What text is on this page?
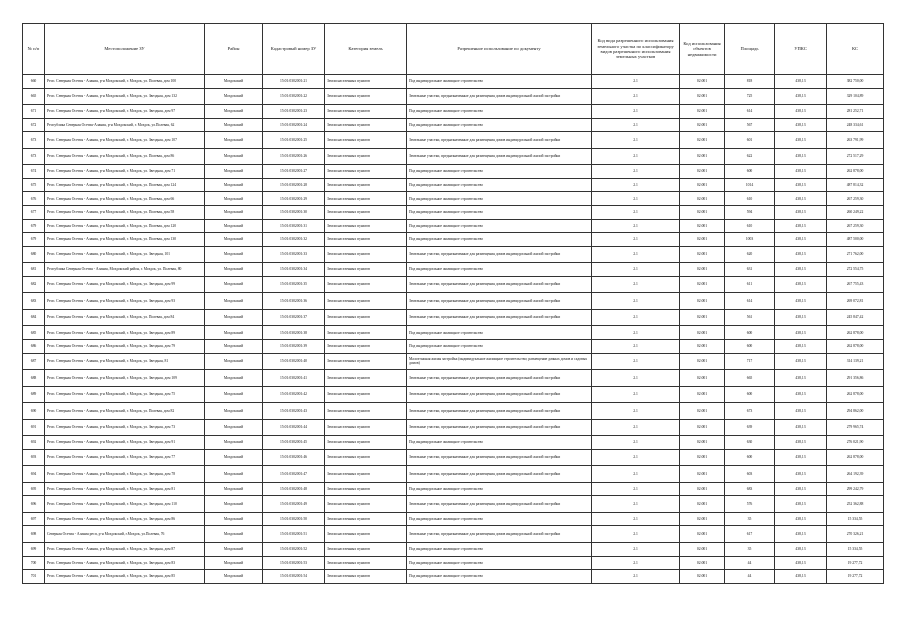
№ п/п	Местоположение ЗУ	Район	Кадастровый номер ЗУ	Категория земель	Разрешенное использование по документу	Код вида разрешенного использования земельного участка по классификатору видов разрешенного использования земельных участков	Код использования объектов недвижимости	Площадь	УПКС	КС
660	Респ. Северная Осетия - Алания, р-н Моздокский, г. Моздок, ул. Полевая, дом 100	Моздокский	15:01:0302001:21	Земли населенных пунктов	Под индивидуальное жилищное строительство	2.1	02:001	818	438,13	382 750,00
665	Респ. Северная Осетия - Алания, р-н Моздокский, г. Моздок, ул. Звездная, дом 132	Моздокский	15:01:0302001:22	Земли населенных пунктов	Земельные участки, предназначенные для размещения домов индивидуальной жилой застройки	2.1	02:001	725	438,13	329 104,89
671	Респ. Северная Осетия - Алания, р-н Моздокский, г. Моздок, ул. Звездная, дом 97	Моздокский	15:01:0302001:23	Земли населенных пунктов	Под индивидуальное жилищное строительство	2.1	02:001	614	438,13	281 252,71
672	Республика Северная Осетия-Алания, р-н Моздокский, г. Моздок, ул.Полевая, 62	Моздокский	15:01:0302001:24	Земли населенных пунктов	Под индивидуальное жилищное строительство	2.1	02:001	567	438,13	248 334,61
673	Респ. Северная Осетия - Алания, р-н Моздокский, г. Моздок, ул. Звездная, дом 107	Моздокский	15:01:0302001:25	Земли населенных пунктов	Земельные участки, предназначенные для размещения домов индивидуальной жилой застройки	2.1	02:001	601	438,13	263 791,99
673	Респ. Северная Осетия - Алания, р-н Моздокский, г. Моздок, ул. Полевая, дом 86	Моздокский	15:01:0302001:26	Земли населенных пунктов	Земельные участки, предназначенные для размещения домов индивидуальной жилой застройки	2.1	02:001	622	438,13	272 517,29
674	Респ. Северная Осетия - Алания, р-н Моздокский, г. Моздок, ул. Звездная, дом 71	Моздокский	15:01:0302001:27	Земли населенных пунктов	Под индивидуальное жилищное строительство	2.1	02:001	600	438,13	262 878,00
675	Респ. Северная Осетия - Алания, р-н Моздокский, г. Моздок, ул. Полевая, дом 124	Моздокский	15:01:0302001:28	Земли населенных пунктов	Под индивидуальное жилищное строительство	2.1	02:001	1014	438,13	487 814,32
676	Респ. Северная Осетия - Алания, р-н Моздокский, г. Моздок, ул. Полевая, дом 66	Моздокский	15:01:0302001:29	Земли населенных пунктов	Под индивидуальное жилищное строительство	2.1	02:001	610	438,13	267 259,30
677	Респ. Северная Осетия - Алания, р-н Моздокский, г. Моздок, ул. Полевая, дом 58	Моздокский	15:01:0302001:30	Земли населенных пунктов	Под индивидуальное жилищное строительство	2.1	02:001	594	438,13	260 249,22
679	Респ. Северная Осетия - Алания, р-н Моздокский, г. Моздок, ул. Полевая, дом 120	Моздокский	15:01:0302001:31	Земли населенных пунктов	Под индивидуальное жилищное строительство	2.1	02:001	610	438,13	267 259,30
679	Респ. Северная Осетия - Алания, р-н Моздокский, г. Моздок, ул. Полевая, дом 130	Моздокский	15:01:0302001:32	Земли населенных пунктов	Под индивидуальное жилищное строительство	2.1	02:001	1003	438,13	487 500,00
680	Респ. Северная Осетия - Алания, р-н Моздокский, г. Моздок, ул. Звездная, 101	Моздокский	15:01:0302001:33	Земли населенных пунктов	Земельные участки, предназначенные для размещения домов индивидуальной жилой застройки	2.1	02:001	620	438,13	271 762,00
681	Республика Северная Осетия - Алания, Моздокский район, г. Моздок, ул. Полевая, 80	Моздокский	15:01:0302001:34	Земли населенных пунктов	Под индивидуальное жилищное строительство	2.1	02:001	631	438,13	272 554,75
682	Респ. Северная Осетия - Алания, р-н Моздокский, г. Моздок, ул. Звездная, дом 99	Моздокский	15:01:0302001:35	Земли населенных пунктов	Земельные участки, предназначенные для размещения домов индивидуальной жилой застройки	2.1	02:001	611	438,13	267 755,43
683	Респ. Северная Осетия - Алания, р-н Моздокский, г. Моздок, ул. Звездная, дом 93	Моздокский	15:01:0302001:36	Земли населенных пунктов	Земельные участки, предназначенные для размещения домов индивидуальной жилой застройки	2.1	02:001	614	438,13	269 072,81
684	Респ. Северная Осетия - Алания, р-н Моздокский, г. Моздок, ул. Полевая, дом 84	Моздокский	15:01:0302001:37	Земли населенных пунктов	Земельные участки, предназначенные для размещения домов индивидуальной жилой застройки	2.1	02:001	561	438,13	245 847,42
685	Респ. Северная Осетия - Алания, р-н Моздокский, г. Моздок, ул. Звездная, дом 89	Моздокский	15:01:0302001:38	Земли населенных пунктов	Под индивидуальное жилищное строительство	2.1	02:001	600	438,13	262 878,00
686	Респ. Северная Осетия - Алания, р-н Моздокский, г. Моздок, ул. Звездная, дом 79	Моздокский	15:01:0302001:39	Земли населенных пунктов	Под индивидуальное жилищное строительство	2.1	02:001	600	438,13	262 878,00
687	Респ. Северная Осетия - Алания, р-н Моздокский, г. Моздок, ул. Звездная, 81	Моздокский	15:01:0302001:40	Земли населенных пунктов	Малоэтажная жилая застройка (индивидуальное жилищное строительство; размещение дачных домов и садовых домов)	2.1	02:001	717	438,13	314 139,21
688	Респ. Северная Осетия - Алания, р-н Моздокский, г. Моздок, ул. Звездная, дом 109	Моздокский	15:01:0302001:41	Земли населенных пунктов	Земельные участки, предназначенные для размещения домов индивидуальной жилой застройки	2.1	02:001	665	438,13	291 356,86
689	Респ. Северная Осетия - Алания, р-н Моздокский, г. Моздок, ул. Звездная, дом 75	Моздокский	15:01:0302001:42	Земли населенных пунктов	Земельные участки, предназначенные для размещения домов индивидуальной жилой застройки	2.1	02:001	600	438,13	262 878,00
690	Респ. Северная Осетия - Алания, р-н Моздокский, г. Моздок, ул. Полевая, дом 82	Моздокский	15:01:0302001:43	Земли населенных пунктов	Земельные участки, предназначенные для размещения домов индивидуальной жилой застройки	2.1	02:001	673	438,13	294 862,00
691	Респ. Северная Осетия - Алания, р-н Моздокский, г. Моздок, ул. Звездная, дом 73	Моздокский	15:01:0302001:44	Земли населенных пунктов	Земельные участки, предназначенные для размещения домов индивидуальной жилой застройки	2.1	02:001	639	438,13	279 965,74
692	Респ. Северная Осетия - Алания, р-н Моздокский, г. Моздок, ул. Звездная, дом 91	Моздокский	15:01:0302001:45	Земли населенных пунктов	Под индивидуальное жилищное строительство	2.1	02:001	630	438,13	276 021,90
693	Респ. Северная Осетия - Алания, р-н Моздокский, г. Моздок, ул. Звездная, дом 77	Моздокский	15:01:0302001:46	Земли населенных пунктов	Земельные участки, предназначенные для размещения домов индивидуальной жилой застройки	2.1	02:001	600	438,13	262 878,00
694	Респ. Северная Осетия - Алания, р-н Моздокский, г. Моздок, ул. Звездная, дом 78	Моздокский	15:01:0302001:47	Земли населенных пунктов	Земельные участки, предназначенные для размещения домов индивидуальной жилой застройки	2.1	02:001	603	438,13	264 192,39
695	Респ. Северная Осетия - Алания, р-н Моздокский, г. Моздок, ул. Звездная, дом 81	Моздокский	15:01:0302001:48	Земли населенных пунктов	Под индивидуальное жилищное строительство	2.1	02:001	683	438,13	299 242,79
696	Респ. Северная Осетия - Алания, р-н Моздокский, г. Моздок, ул. Звездная, дом 110	Моздокский	15:01:0302001:49	Земли населенных пунктов	Земельные участки, предназначенные для размещения домов индивидуальной жилой застройки	2.1	02:001	576	438,13	252 362,88
697	Респ. Северная Осетия - Алания, р-н Моздокский, г. Моздок, ул. Звездная, дом 86	Моздокский	15:01:0302001:50	Земли населенных пунктов	Под индивидуальное жилищное строительство	2.1	02:001	35	438,13	15 334,55
698	Северная Осетия - Алания респ, р-н Моздокский, г.Моздок, ул.Полевая, 76	Моздокский	15:01:0302001:51	Земли населенных пунктов	Земельные участки, предназначенные для размещения домов индивидуальной жилой застройки	2.1	02:001	617	438,13	270 326,21
699	Респ. Северная Осетия - Алания, р-н Моздокский, г. Моздок, ул. Звездная, дом 87	Моздокский	15:01:0302001:52	Земли населенных пунктов	Под индивидуальное жилищное строительство	2.1	02:001	35	438,13	15 334,55
700	Респ. Северная Осетия - Алания, р-н Моздокский, г. Моздок, ул. Звездная, дом 83	Моздокский	15:01:0302001:53	Земли населенных пунктов	Под индивидуальное жилищное строительство	2.1	02:001	44	438,13	19 277,72
701	Респ. Северная Осетия - Алания, р-н Моздокский, г. Моздок, ул. Звездная, дом 85	Моздокский	15:01:0302001:54	Земли населенных пунктов	Под индивидуальное жилищное строительство	2.1	02:001	44	438,13	19 277,72
